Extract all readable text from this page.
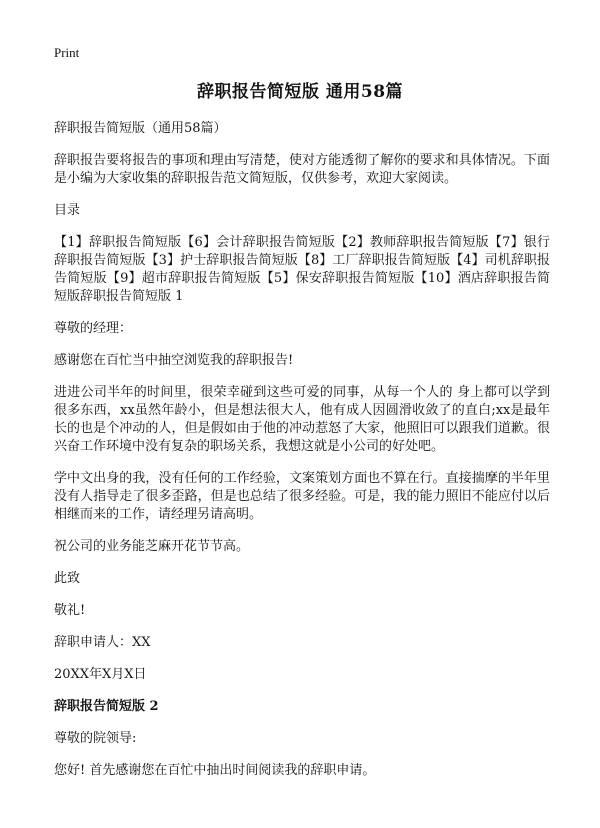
Print
辞职报告简短版 通用58篇

辞职报告简短版（通用58篇）

辞职报告要将报告的事项和理由写清楚，使对方能透彻了解你的要求和具体情况。下面是小编为大家收集的辞职报告范文简短版，仅供参考，欢迎大家阅读。

目录

【1】辞职报告简短版【6】会计辞职报告简短版【2】教师辞职报告简短版【7】银行辞职报告简短版【3】护士辞职报告简短版【8】工厂辞职报告简短版【4】司机辞职报告简短版【9】超市辞职报告简短版【5】保安辞职报告简短版【10】酒店辞职报告简短版辞职报告简短版 1

尊敬的经理：

感谢您在百忙当中抽空浏览我的辞职报告!

进进公司半年的时间里，很荣幸碰到这些可爱的同事，从每一个人的 身上都可以学到很多东西，xx虽然年龄小，但是想法很大人，他有成人因圆滑收敛了的直白;xx是最年长的也是个冲动的人，但是假如由于他的冲动惹怒了大家，他照旧可以跟我们道歉。很兴奋工作环境中没有复杂的职场关系，我想这就是小公司的好处吧。

学中文出身的我，没有任何的工作经验，文案策划方面也不算在行。直接揣摩的半年里没有人指导走了很多歪路，但是也总结了很多经验。可是，我的能力照旧不能应付以后相继而来的工作，请经理另请高明。

祝公司的业务能芝麻开花节节高。

此致

敬礼!

辞职申请人：XX

20XX年X月X日

辞职报告简短版 2

尊敬的院领导:

您好! 首先感谢您在百忙中抽出时间阅读我的辞职申请。
